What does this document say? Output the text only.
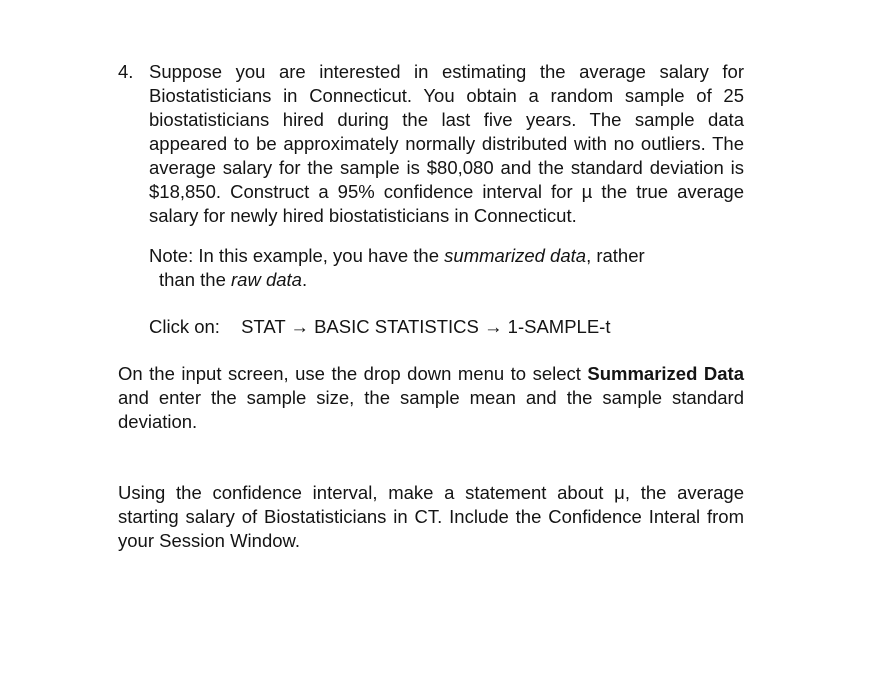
4. Suppose you are interested in estimating the average salary for Biostatisticians in Connecticut. You obtain a random sample of 25 biostatisticians hired during the last five years. The sample data appeared to be approximately normally distributed with no outliers. The average salary for the sample is $80,080 and the standard deviation is $18,850. Construct a 95% confidence interval for µ the true average salary for newly hired biostatisticians in Connecticut.
Note: In this example, you have the summarized data, rather
than the raw data.
Click on: STAT → BASIC STATISTICS → 1-SAMPLE-t
On the input screen, use the drop down menu to select Summarized Data and enter the sample size, the sample mean and the sample standard deviation.
Using the confidence interval, make a statement about μ, the average starting salary of Biostatisticians in CT. Include the Confidence Interal from your Session Window.
